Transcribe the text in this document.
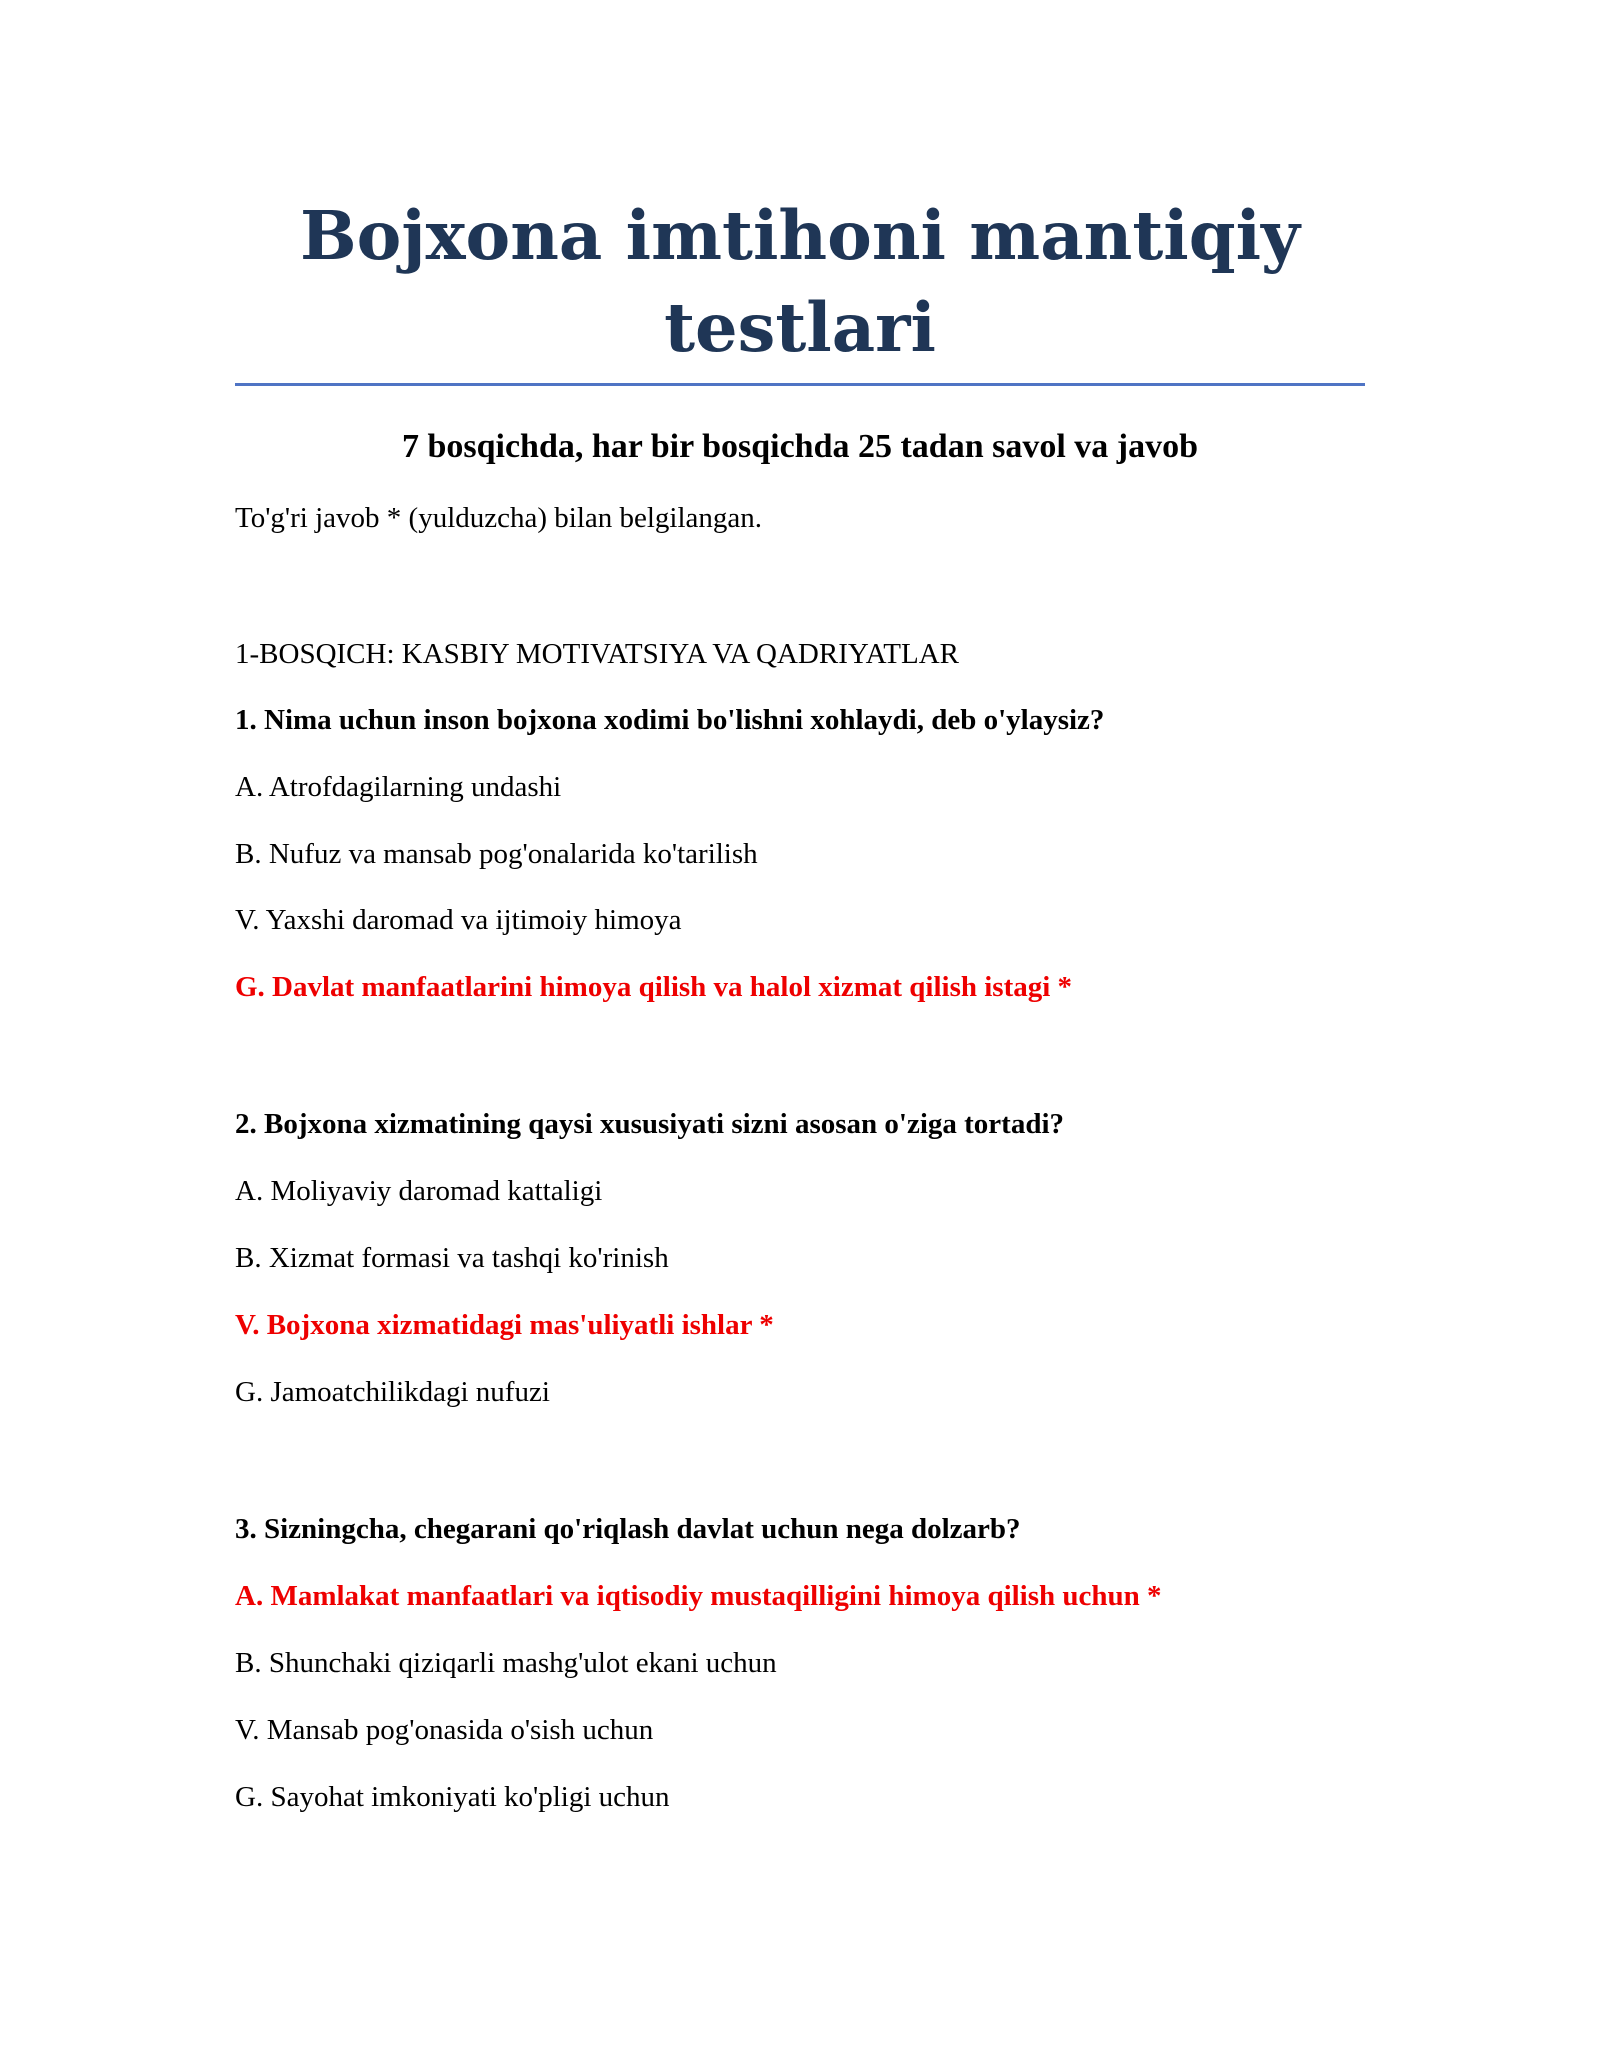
Bojxona imtihoni mantiqiy
testlari

7 bosqichda, har bir bosqichda 25 tadan savol va javob

To'g'ri javob * (yulduzcha) bilan belgilangan.

1-BOSQICH: KASBIY MOTIVATSIYA VA QADRIYATLAR

1. Nima uchun inson bojxona xodimi bo'lishni xohlaydi, deb o'ylaysiz?

A. Atrofdagilarning undashi

B. Nufuz va mansab pog'onalarida ko'tarilish

V. Yaxshi daromad va ijtimoiy himoya

G. Davlat manfaatlarini himoya qilish va halol xizmat qilish istagi *

2. Bojxona xizmatining qaysi xususiyati sizni asosan o'ziga tortadi?

A. Moliyaviy daromad kattaligi

B. Xizmat formasi va tashqi ko'rinish

V. Bojxona xizmatidagi mas'uliyatli ishlar *

G. Jamoatchilikdagi nufuzi

3. Sizningcha, chegarani qo'riqlash davlat uchun nega dolzarb?

A. Mamlakat manfaatlari va iqtisodiy mustaqilligini himoya qilish uchun *

B. Shunchaki qiziqarli mashg'ulot ekani uchun

V. Mansab pog'onasida o'sish uchun

G. Sayohat imkoniyati ko'pligi uchun
